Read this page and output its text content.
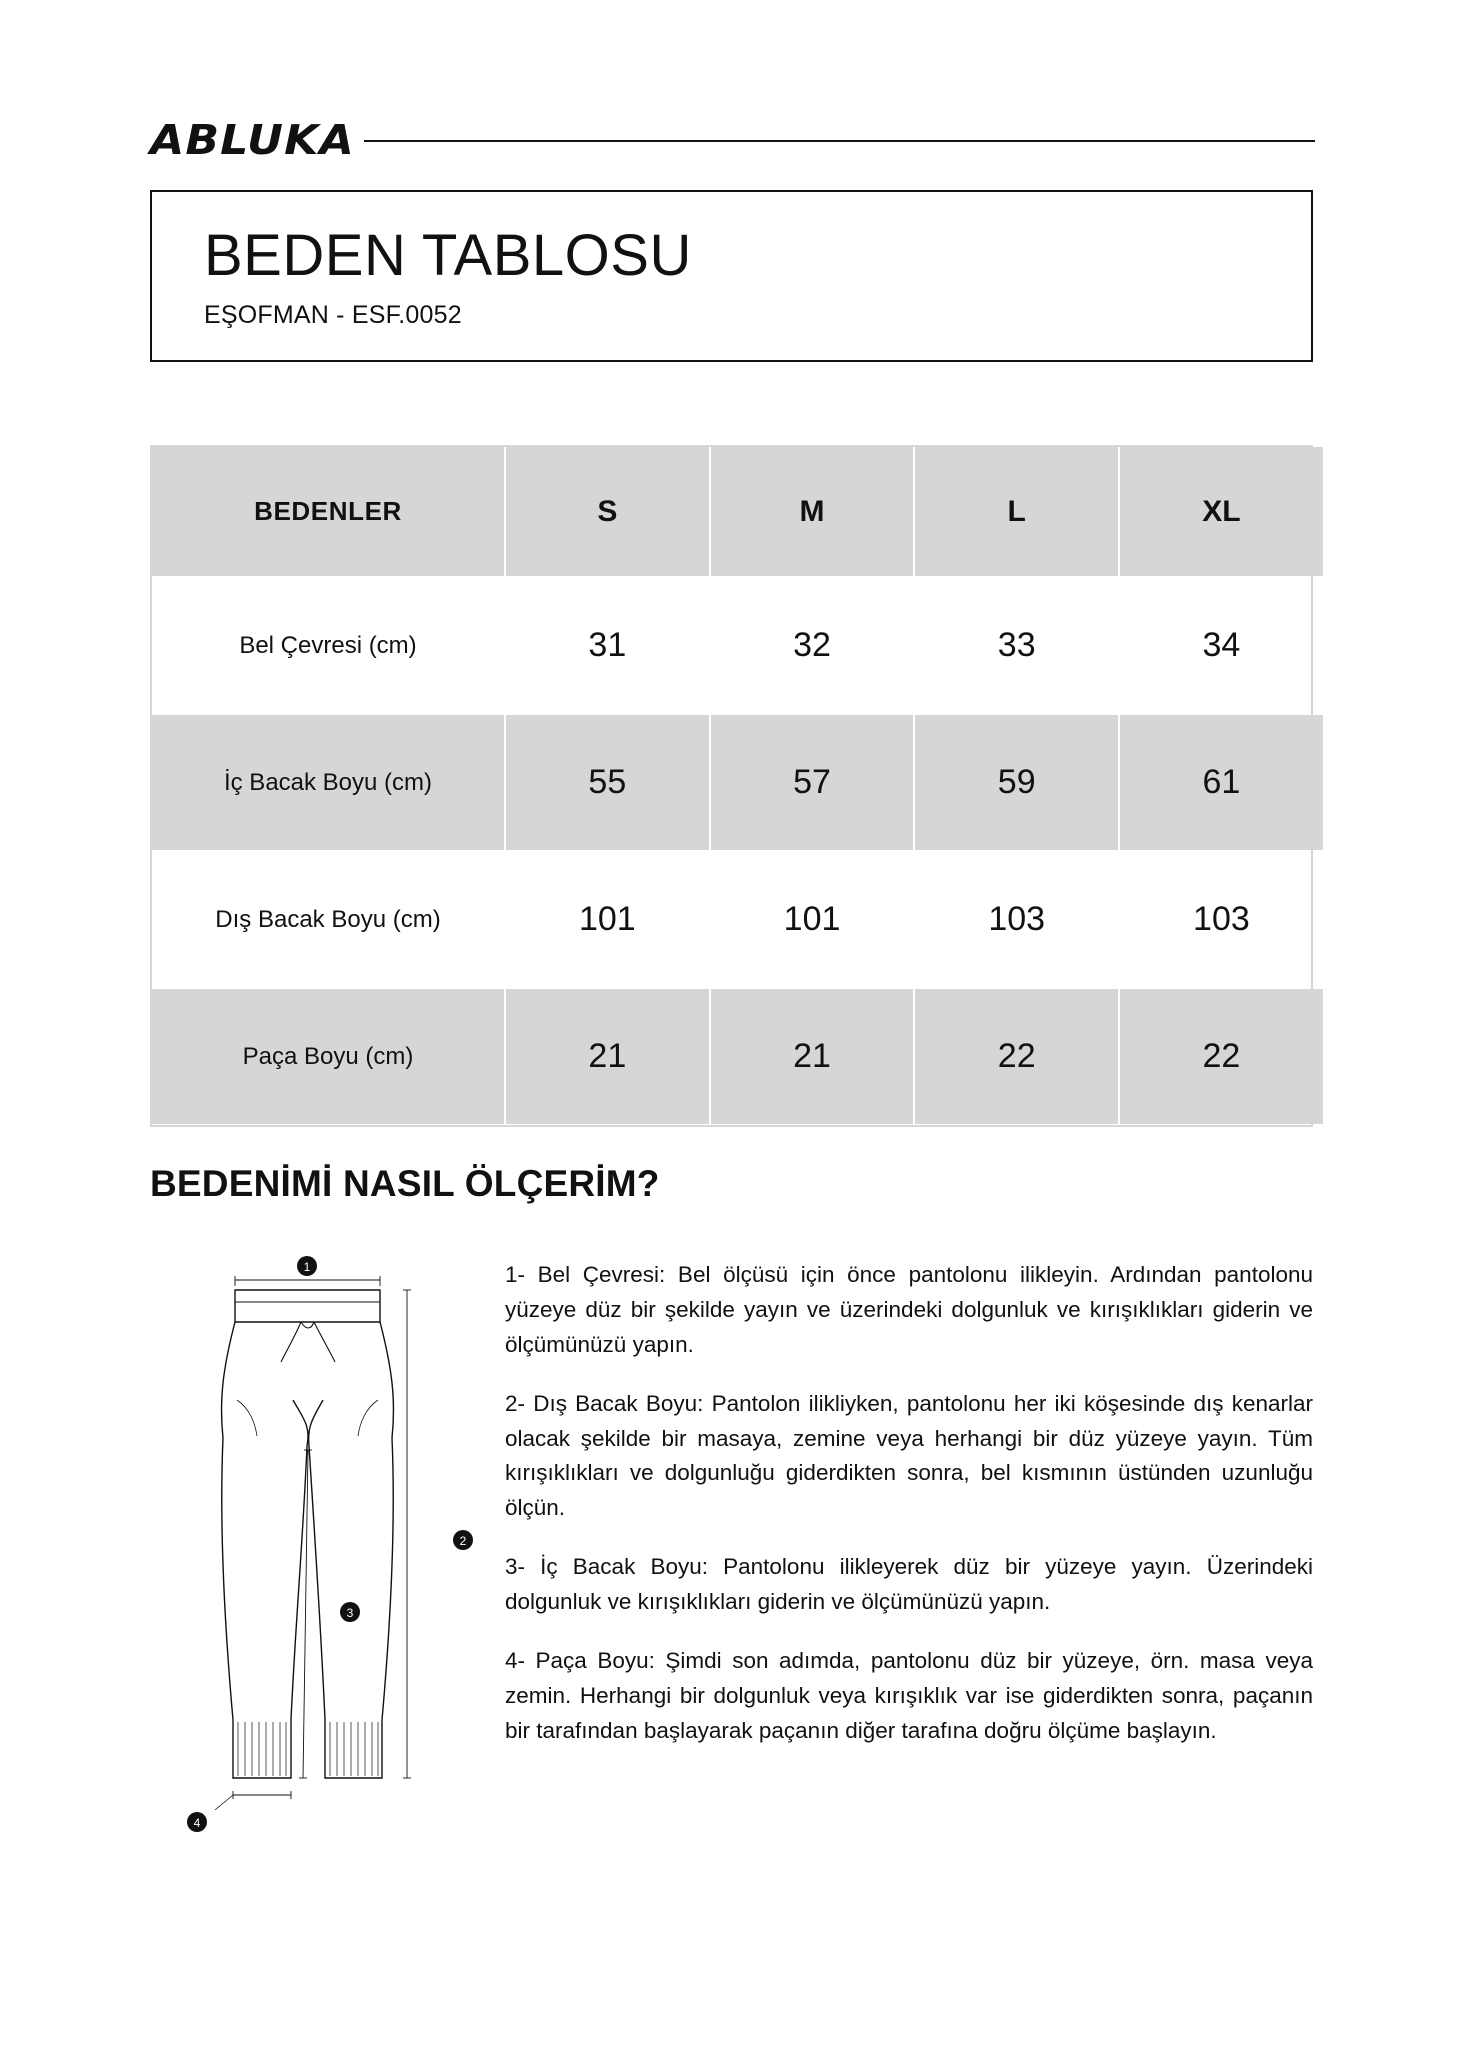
ABLUKA
BEDEN TABLOSU
EŞOFMAN - ESF.0052
BEDENLER	S	M	L	XL
Bel Çevresi (cm)	31	32	33	34
İç Bacak Boyu (cm)	55	57	59	61
Dış Bacak Boyu (cm)	101	101	103	103
Paça Boyu (cm)	21	21	22	22
BEDENİMİ NASIL ÖLÇERİM?
1
2
3
4

1- Bel Çevresi: Bel ölçüsü için önce pantolonu ilikleyin. Ardından pantolonu yüzeye düz bir şekilde yayın ve üzerindeki dolgunluk ve kırışıklıkları giderin ve ölçümünüzü yapın.

2- Dış Bacak Boyu: Pantolon ilikliyken, pantolonu her iki köşesinde dış kenarlar olacak şekilde bir masaya, zemine veya herhangi bir düz yüzeye yayın. Tüm kırışıklıkları ve dolgunluğu giderdikten sonra, bel kısmının üstünden uzunluğu ölçün.

3- İç Bacak Boyu: Pantolonu ilikleyerek düz bir yüzeye yayın. Üzerindeki dolgunluk ve kırışıklıkları giderin ve ölçümünüzü yapın.

4- Paça Boyu: Şimdi son adımda, pantolonu düz bir yüzeye, örn. masa veya zemin. Herhangi bir dolgunluk veya kırışıklık var ise giderdikten sonra, paçanın bir tarafından başlayarak paçanın diğer tarafına doğru ölçüme başlayın.
